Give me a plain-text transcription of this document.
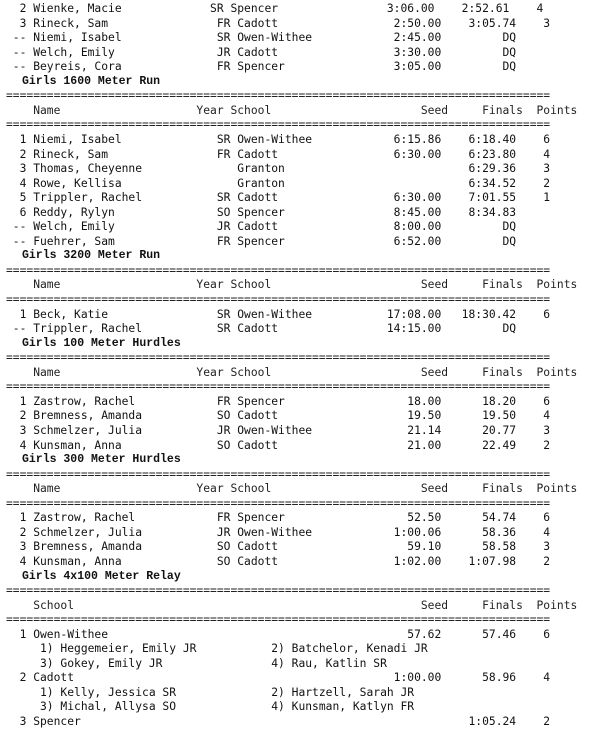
2 Wienke, Macie             SR Spencer                3:06.00    2:52.61    4
3 Rineck, Sam                FR Cadott                 2:50.00    3:05.74    3
-- Niemi, Isabel              SR Owen-Withee            2:45.00         DQ
-- Welch, Emily               JR Cadott                 3:30.00         DQ
-- Beyreis, Cora              FR Spencer                3:05.00         DQ
Girls 1600 Meter Run
================================================================================
Name                    Year School                      Seed     Finals  Points
================================================================================
1 Niemi, Isabel              SR Owen-Withee            6:15.86    6:18.40    6
2 Rineck, Sam                FR Cadott                 6:30.00    6:23.80    4
3 Thomas, Cheyenne              Granton                           6:29.36    3
4 Rowe, Kellisa                 Granton                           6:34.52    2
5 Trippler, Rachel           SR Cadott                 6:30.00    7:01.55    1
6 Reddy, Rylyn               SO Spencer                8:45.00    8:34.83
-- Welch, Emily               JR Cadott                 8:00.00         DQ
-- Fuehrer, Sam               FR Spencer                6:52.00         DQ
Girls 3200 Meter Run
================================================================================
Name                    Year School                      Seed     Finals  Points
================================================================================
1 Beck, Katie                SR Owen-Withee           17:08.00   18:30.42    6
-- Trippler, Rachel           SR Cadott                14:15.00         DQ
Girls 100 Meter Hurdles
================================================================================
Name                    Year School                      Seed     Finals  Points
================================================================================
1 Zastrow, Rachel            FR Spencer                  18.00      18.20    6
2 Bremness, Amanda           SO Cadott                   19.50      19.50    4
3 Schmelzer, Julia           JR Owen-Withee              21.14      20.77    3
4 Kunsman, Anna              SO Cadott                   21.00      22.49    2
Girls 300 Meter Hurdles
================================================================================
Name                    Year School                      Seed     Finals  Points
================================================================================
1 Zastrow, Rachel            FR Spencer                  52.50      54.74    6
2 Schmelzer, Julia           JR Owen-Withee            1:00.06      58.36    4
3 Bremness, Amanda           SO Cadott                   59.10      58.58    3
4 Kunsman, Anna              SO Cadott                 1:02.00    1:07.98    2
Girls 4x100 Meter Relay
================================================================================
School                                                   Seed     Finals  Points
================================================================================
1 Owen-Withee                                            57.62      57.46    6
1) Heggemeier, Emily JR           2) Batchelor, Kenadi JR
3) Gokey, Emily JR                4) Rau, Katlin SR
2 Cadott                                               1:00.00      58.96    4
1) Kelly, Jessica SR              2) Hartzell, Sarah JR
3) Michal, Allysa SO              4) Kunsman, Katlyn FR
3 Spencer                                                         1:05.24    2
